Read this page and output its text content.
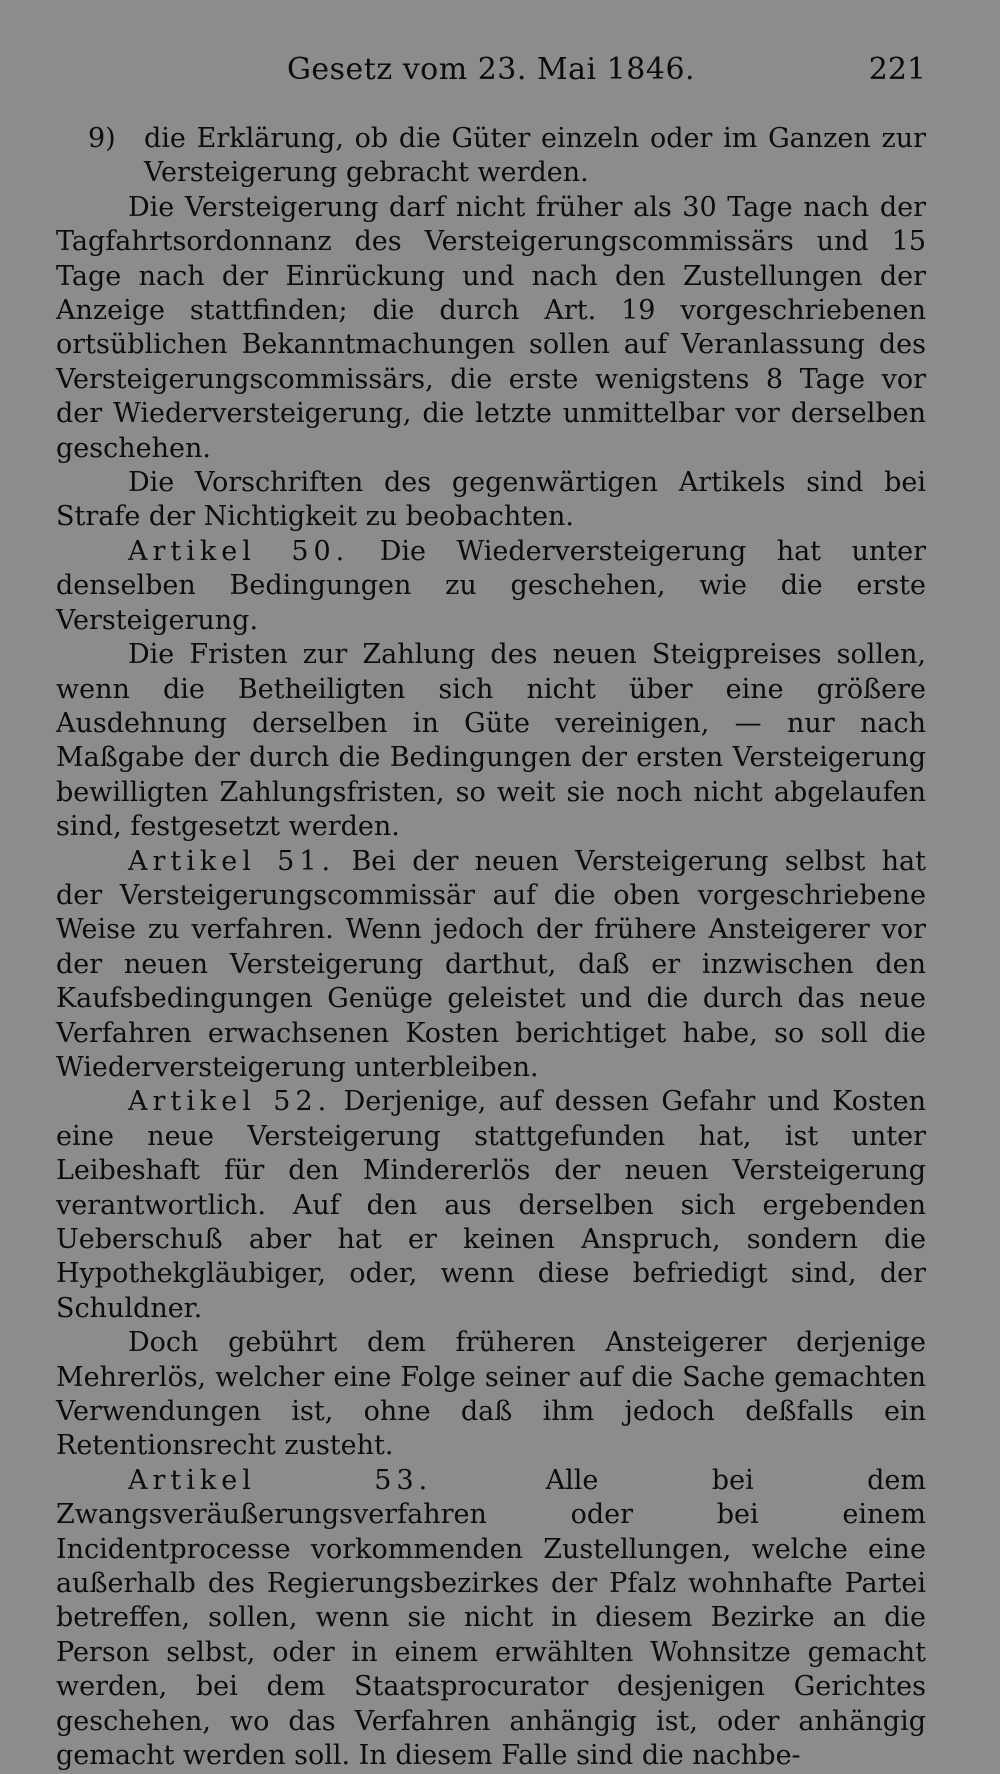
Gesetz vom 23. Mai 1846.	221

9) die Erklärung, ob die Güter einzeln oder im Ganzen zur Versteigerung gebracht werden.

Die Versteigerung darf nicht früher als 30 Tage nach der Tagfahrtsordonnanz des Versteigerungscommissärs und 15 Tage nach der Einrückung und nach den Zustellungen der Anzeige stattfinden; die durch Art. 19 vorgeschriebenen ortsüblichen Bekanntmachungen sollen auf Veranlassung des Versteigerungscommissärs, die erste wenigstens 8 Tage vor der Wiederversteigerung, die letzte unmittelbar vor derselben geschehen.

Die Vorschriften des gegenwärtigen Artikels sind bei Strafe der Nichtigkeit zu beobachten.

Artikel 50. Die Wiederversteigerung hat unter denselben Bedingungen zu geschehen, wie die erste Versteigerung.

Die Fristen zur Zahlung des neuen Steigpreises sollen, wenn die Betheiligten sich nicht über eine größere Ausdehnung derselben in Güte vereinigen, — nur nach Maßgabe der durch die Bedingungen der ersten Versteigerung bewilligten Zahlungsfristen, so weit sie noch nicht abgelaufen sind, festgesetzt werden.

Artikel 51. Bei der neuen Versteigerung selbst hat der Versteigerungscommissär auf die oben vorgeschriebene Weise zu verfahren. Wenn jedoch der frühere Ansteigerer vor der neuen Versteigerung darthut, daß er inzwischen den Kaufsbedingungen Genüge geleistet und die durch das neue Verfahren erwachsenen Kosten berichtiget habe, so soll die Wiederversteigerung unterbleiben.

Artikel 52. Derjenige, auf dessen Gefahr und Kosten eine neue Versteigerung stattgefunden hat, ist unter Leibeshaft für den Mindererlös der neuen Versteigerung verantwortlich. Auf den aus derselben sich ergebenden Ueberschuß aber hat er keinen Anspruch, sondern die Hypothekgläubiger, oder, wenn diese befriedigt sind, der Schuldner.

Doch gebührt dem früheren Ansteigerer derjenige Mehrerlös, welcher eine Folge seiner auf die Sache gemachten Verwendungen ist, ohne daß ihm jedoch deßfalls ein Retentionsrecht zusteht.

Artikel 53.	Alle bei dem Zwangsveräußerungsverfahren oder bei einem Incidentprocesse vorkommenden Zustellungen, welche eine außerhalb des Regierungsbezirkes der Pfalz wohnhafte Partei betreffen, sollen, wenn sie nicht in diesem Bezirke an die Person selbst, oder in einem erwählten Wohnsitze gemacht werden, bei dem Staatsprocurator desjenigen Gerichtes geschehen, wo das Verfahren anhängig ist, oder anhängig gemacht werden soll. In diesem Falle sind die nachbe-
